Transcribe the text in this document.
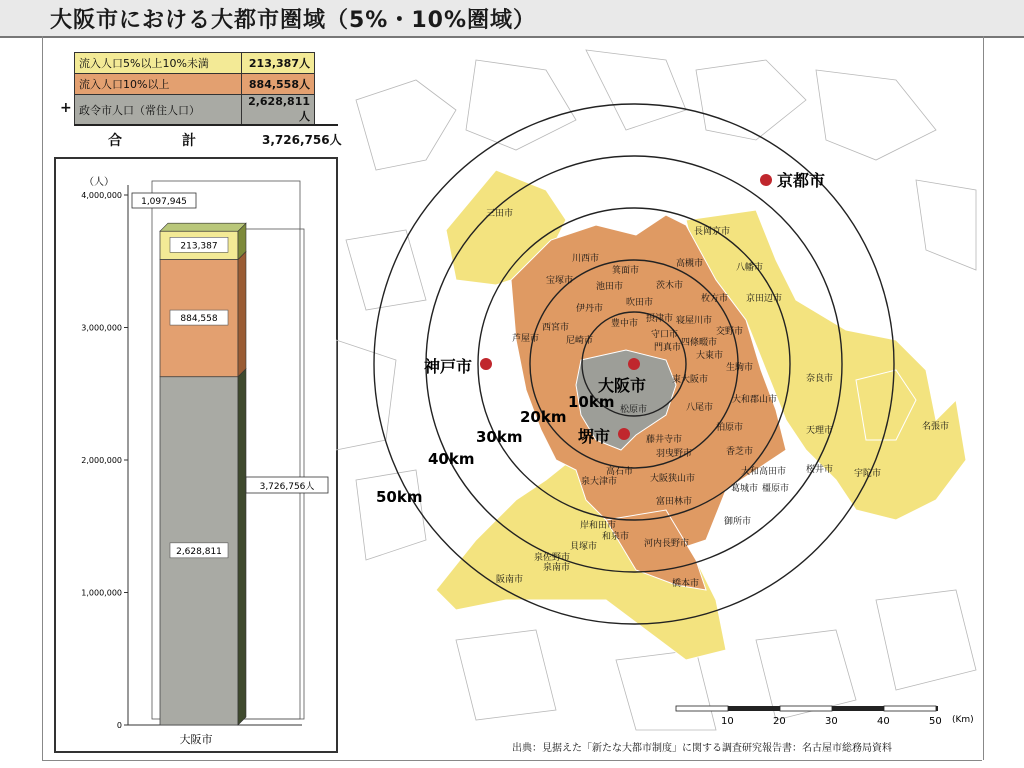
大阪市における大都市圏域（5%・10%圏域）
流入人口5%以上10%未満	213,387人
流入人口10%以上	884,558人
政令市人口（常住人口）	2,628,811人
+
合計 3,726,756人
（人）
0
1,000,000
2,000,000
3,000,000
4,000,000
2,628,811
884,558
213,387
1,097,945
3,726,756人
大阪市
大阪市
神戸市
京都市
堺市
10km
20km
30km
40km
50km
三田市
長岡京市
八幡市
京田辺市
川西市
箕面市
高槻市
宝塚市
池田市	茨木市
吹田市	枚方市
伊丹市
豊中市 摂津市 寝屋川市
交野市
西宮市
尼崎市
守口市
四條畷市
芦屋市
門真市
大東市
生駒市
東大阪市	奈良市
八尾市
大和郡山市
松原市
柏原市	天理市	名張市
藤井寺市
香芝市
羽曳野市
大和高田市 桜井市 宇陀市
高石市
大阪狭山市
葛城市 橿原市
泉大津市
富田林市
御所市
岸和田市
和泉市
貝塚市	河内長野市
泉佐野市
泉南市
阪南市	橋本市
10	20	30	40	50 (Km)
出典：見据えた「新たな大都市制度」に関する調査研究報告書：名古屋市総務局資料
